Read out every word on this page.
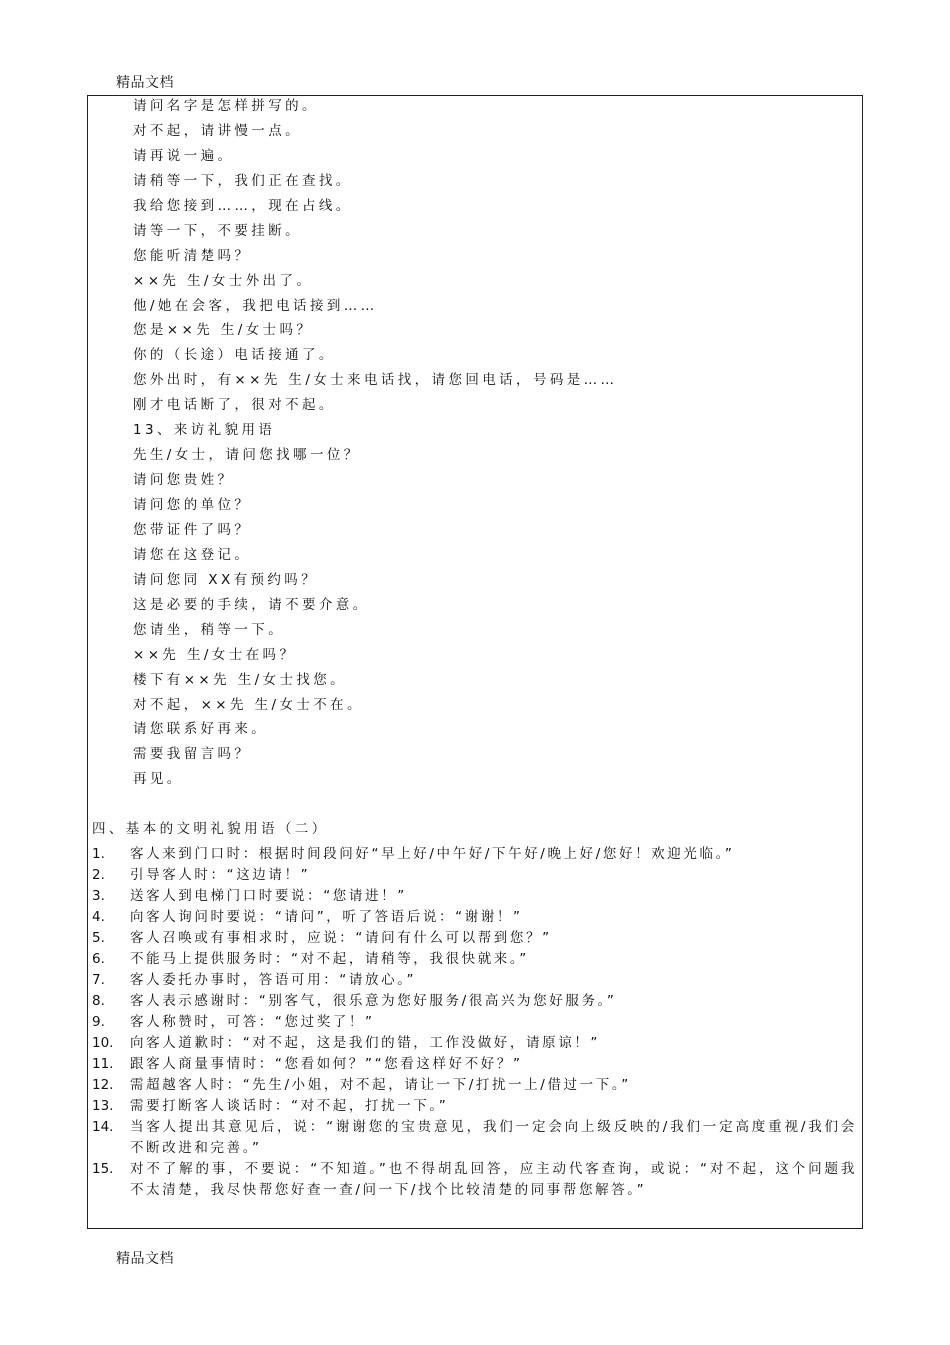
精品文档
请问名字是怎样拼写的。
对不起，请讲慢一点。
请再说一遍。
请稍等一下，我们正在查找。
我给您接到……，现在占线。
请等一下，不要挂断。
您能听清楚吗？
××先 生/女士外出了。
他/她在会客，我把电话接到……
您是××先 生/女士吗？
你的（长途）电话接通了。
您外出时，有××先 生/女士来电话找，请您回电话，号码是……
刚才电话断了，很对不起。
13、来访礼貌用语
先生/女士，请问您找哪一位？
请问您贵姓？
请问您的单位？
您带证件了吗？
请您在这登记。
请问您同 XX有预约吗？
这是必要的手续，请不要介意。
您请坐，稍等一下。
××先 生/女士在吗？
楼下有××先 生/女士找您。
对不起，××先 生/女士不在。
请您联系好再来。
需要我留言吗？
再见。
四、基本的文明礼貌用语（二）
1. 客人来到门口时：根据时间段问好“早上好/中午好/下午好/晚上好/您好！欢迎光临。”
2. 引导客人时：“这边请！”
3. 送客人到电梯门口时要说：“您请进！”
4. 向客人询问时要说：“请问”，听了答语后说：“谢谢！”
5. 客人召唤或有事相求时，应说：“请问有什么可以帮到您？”
6. 不能马上提供服务时：“对不起，请稍等，我很快就来。”
7. 客人委托办事时，答语可用：“请放心。”
8. 客人表示感谢时：“别客气，很乐意为您好服务/很高兴为您好服务。”
9. 客人称赞时，可答：“您过奖了！”
10. 向客人道歉时：“对不起，这是我们的错，工作没做好，请原谅！”
11. 跟客人商量事情时：“您看如何？”“您看这样好不好？”
12. 需超越客人时：“先生/小姐，对不起，请让一下/打扰一上/借过一下。”
13. 需要打断客人谈话时：“对不起，打扰一下。”
14. 当客人提出其意见后，说：“谢谢您的宝贵意见，我们一定会向上级反映的/我们一定高度重视/我们会不断改进和完善。”
15. 对不了解的事，不要说：“不知道。”也不得胡乱回答，应主动代客查询，或说：“对不起，这个问题我不太清楚，我尽快帮您好查一查/问一下/找个比较清楚的同事帮您解答。”
精品文档
